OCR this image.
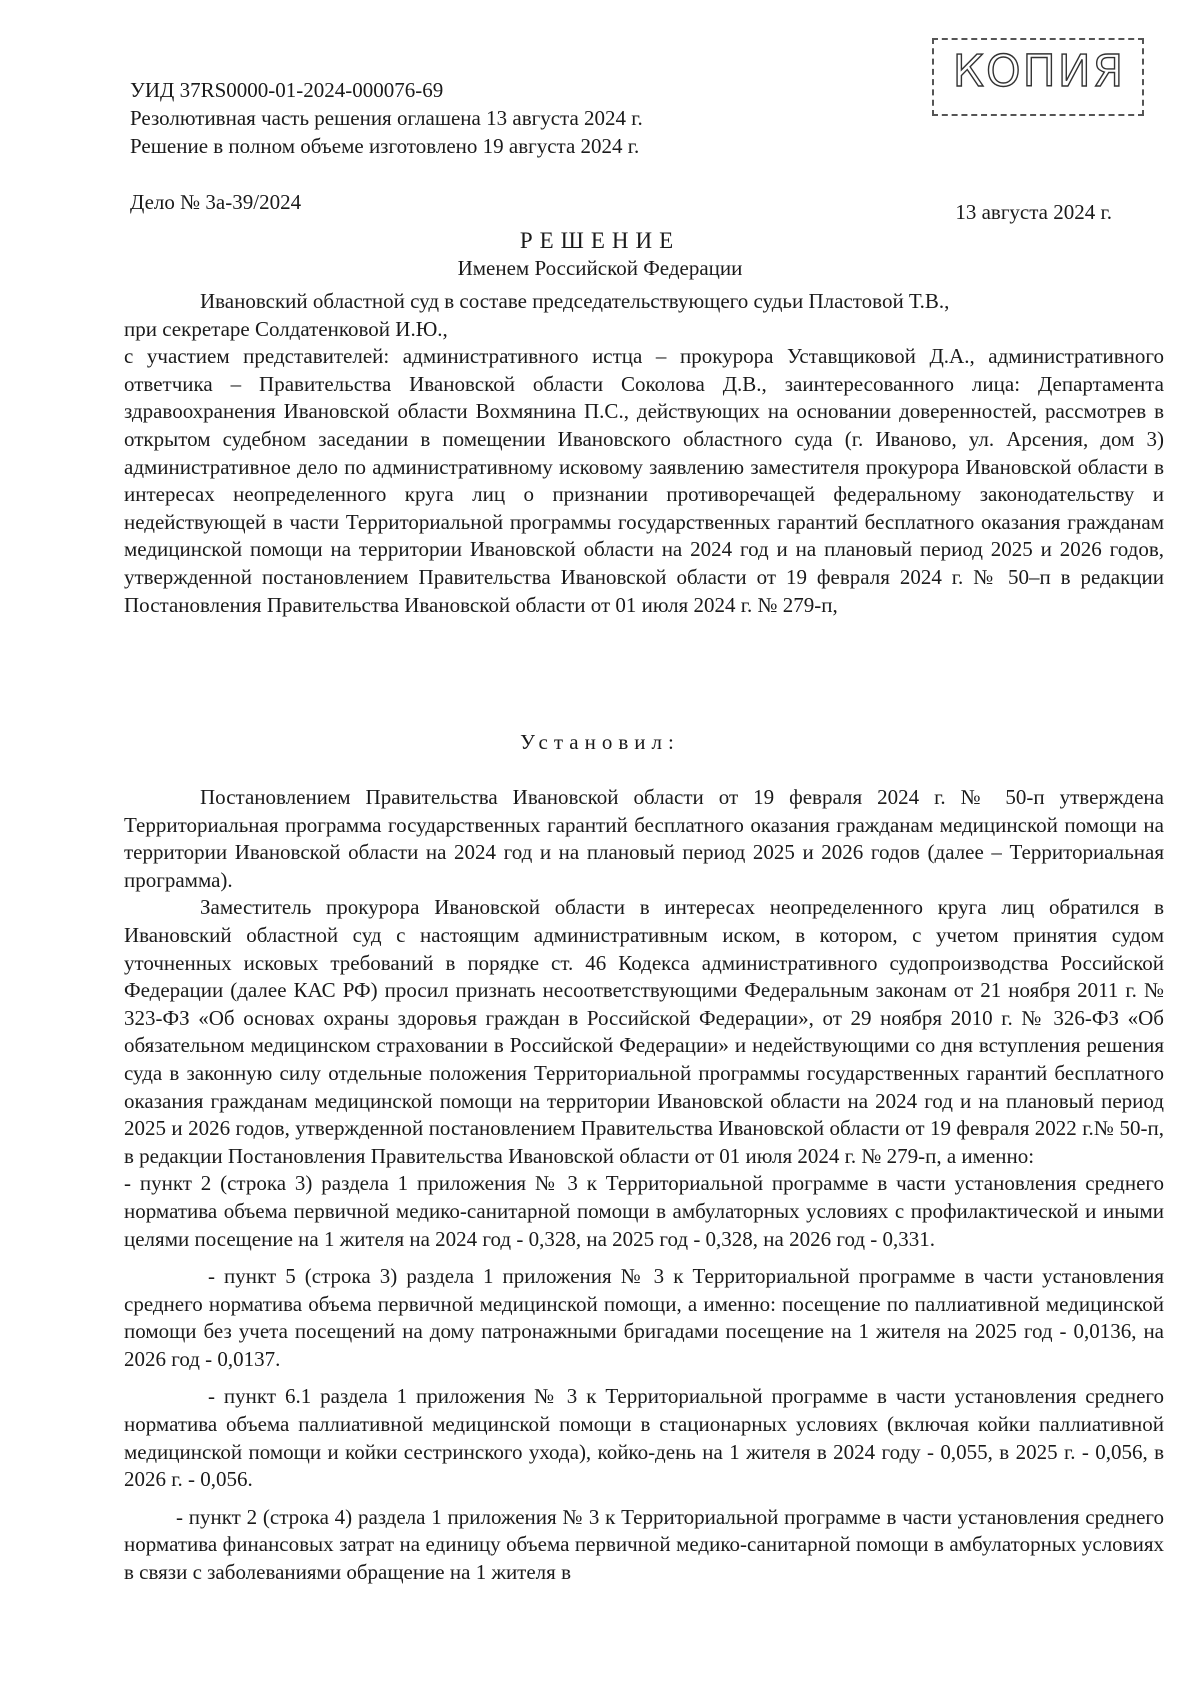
КОПИЯ
УИД 37RS0000-01-2024-000076-69
Резолютивная часть решения оглашена 13 августа 2024 г.
Решение в полном объеме изготовлено 19 августа 2024 г.
Дело № 3а-39/2024	13 августа 2024 г.
РЕШЕНИЕ
Именем Российской Федерации

Ивановский областной суд в составе председательствующего судьи Пластовой Т.В.,

при секретаре Солдатенковой И.Ю.,

с участием представителей: административного истца – прокурора Уставщиковой Д.А., административного ответчика – Правительства Ивановской области Соколова Д.В., заинтересованного лица: Департамента здравоохранения Ивановской области Вохмянина П.С., действующих на основании доверенностей, рассмотрев в открытом судебном заседании в помещении Ивановского областного суда (г. Иваново, ул. Арсения, дом 3) административное дело по административному исковому заявлению заместителя прокурора Ивановской области в интересах неопределенного круга лиц о признании противоречащей федеральному законодательству и недействующей в части Территориальной программы государственных гарантий бесплатного оказания гражданам медицинской помощи на территории Ивановской области на 2024 год и на плановый период 2025 и 2026 годов, утвержденной постановлением Правительства Ивановской области от 19 февраля 2024 г. № 50–п в редакции Постановления Правительства Ивановской области от 01 июля 2024 г. № 279-п,

Установил:

Постановлением Правительства Ивановской области от 19 февраля 2024 г. № 50-п утверждена Территориальная программа государственных гарантий бесплатного оказания гражданам медицинской помощи на территории Ивановской области на 2024 год и на плановый период 2025 и 2026 годов (далее – Территориальная программа).

Заместитель прокурора Ивановской области в интересах неопределенного круга лиц обратился в Ивановский областной суд с настоящим административным иском, в котором, с учетом принятия судом уточненных исковых требований в порядке ст. 46 Кодекса административного судопроизводства Российской Федерации (далее КАС РФ) просил признать несоответствующими Федеральным законам от 21 ноября 2011 г. № 323-ФЗ «Об основах охраны здоровья граждан в Российской Федерации», от 29 ноября 2010 г. № 326-ФЗ «Об обязательном медицинском страховании в Российской Федерации» и недействующими со дня вступления решения суда в законную силу отдельные положения Территориальной программы государственных гарантий бесплатного оказания гражданам медицинской помощи на территории Ивановской области на 2024 год и на плановый период 2025 и 2026 годов, утвержденной постановлением Правительства Ивановской области от 19 февраля 2022 г.№ 50-п, в редакции Постановления Правительства Ивановской области от 01 июля 2024 г. № 279-п, а именно:

- пункт 2 (строка 3) раздела 1 приложения № 3 к Территориальной программе в части установления среднего норматива объема первичной медико-санитарной помощи в амбулаторных условиях с профилактической и иными целями посещение на 1 жителя на 2024 год - 0,328, на 2025 год - 0,328, на 2026 год - 0,331.

- пункт 5 (строка 3) раздела 1 приложения № 3 к Территориальной программе в части установления среднего норматива объема первичной медицинской помощи, а именно: посещение по паллиативной медицинской помощи без учета посещений на дому патронажными бригадами посещение на 1 жителя на 2025 год - 0,0136, на 2026 год - 0,0137.

- пункт 6.1 раздела 1 приложения № 3 к Территориальной программе в части установления среднего норматива объема паллиативной медицинской помощи в стационарных условиях (включая койки паллиативной медицинской помощи и койки сестринского ухода), койко-день на 1 жителя в 2024 году - 0,055, в 2025 г. - 0,056, в 2026 г. - 0,056.

- пункт 2 (строка 4) раздела 1 приложения № 3 к Территориальной программе в части установления среднего норматива финансовых затрат на единицу объема первичной медико-санитарной помощи в амбулаторных условиях в связи с заболеваниями обращение на 1 жителя в
